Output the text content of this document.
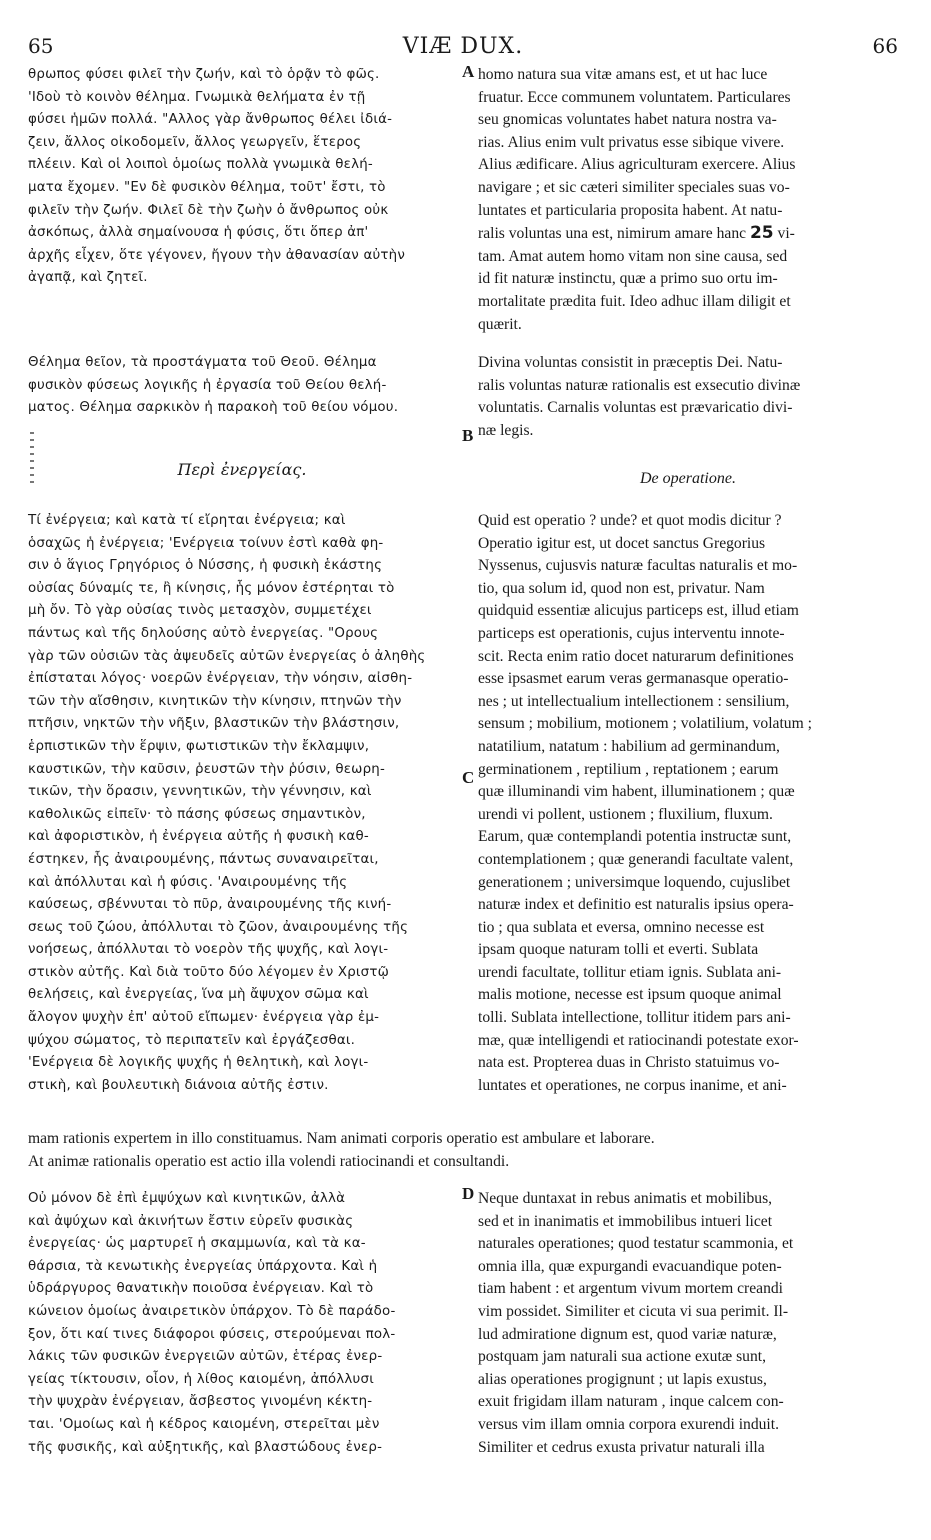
65	VIÆ DUX.	66
A
B
C
D

θρωπος φύσει φιλεῖ τὴν ζωήν, καὶ τὸ ὁρᾷν τὸ φῶς.
'Ιδοὺ τὸ κοινὸν θέλημα. Γνωμικὰ θελήματα ἐν τῇ
φύσει ἡμῶν πολλά. "Αλλος γὰρ ἄνθρωπος θέλει ἰδιά-
ζειν, ἄλλος οἰκοδομεῖν, ἄλλος γεωργεῖν, ἕτερος
πλέειν. Καὶ οἱ λοιποὶ ὁμοίως πολλὰ γνωμικὰ θελή-
ματα ἔχομεν. "Εν δὲ φυσικὸν θέλημα, τοῦτ' ἔστι, τὸ
φιλεῖν τὴν ζωήν. Φιλεῖ δὲ τὴν ζωὴν ὁ ἄνθρωπος οὐκ
ἀσκόπως, ἀλλὰ σημαίνουσα ἡ φύσις, ὅτι ὅπερ ἀπ'
ἀρχῆς εἶχεν, ὅτε γέγονεν, ἤγουν τὴν ἀθανασίαν αὐτὴν
ἀγαπᾷ, καὶ ζητεῖ.

Θέλημα θεῖον, τὰ προστάγματα τοῦ Θεοῦ. Θέλημα
φυσικὸν φύσεως λογικῆς ἡ ἐργασία τοῦ Θείου θελή-
ματος. Θέλημα σαρκικὸν ἡ παρακοὴ τοῦ θείου νόμου.

Περὶ ἐνεργείας.

Τί ἐνέργεια; καὶ κατὰ τί εἴρηται ἐνέργεια; καὶ
ὁσαχῶς ἡ ἐνέργεια; 'Ενέργεια τοίνυν ἐστὶ καθὰ φη-
σιν ὁ ἅγιος Γρηγόριος ὁ Νύσσης, ἡ φυσικὴ ἑκάστης
οὐσίας δύναμίς τε, ἢ κίνησις, ἧς μόνον ἐστέρηται τὸ
μὴ ὄν. Τὸ γὰρ οὐσίας τινὸς μετασχὸν, συμμετέχει
πάντως καὶ τῆς δηλούσης αὐτὸ ἐνεργείας. "Ορους
γὰρ τῶν οὐσιῶν τὰς ἀψευδεῖς αὐτῶν ἐνεργείας ὁ ἀληθὴς
ἐπίσταται λόγος· νοερῶν ἐνέργειαν, τὴν νόησιν, αἰσθη-
τῶν τὴν αἴσθησιν, κινητικῶν τὴν κίνησιν, πτηνῶν τὴν
πτῆσιν, νηκτῶν τὴν νῆξιν, βλαστικῶν τὴν βλάστησιν,
ἑρπιστικῶν τὴν ἕρψιν, φωτιστικῶν τὴν ἔκλαμψιν,
καυστικῶν, τὴν καῦσιν, ῥευστῶν τὴν ῥύσιν, θεωρη-
τικῶν, τὴν ὅρασιν, γεννητικῶν, τὴν γέννησιν, καὶ
καθολικῶς εἰπεῖν· τὸ πάσης φύσεως σημαντικὸν,
καὶ ἀφοριστικὸν, ἡ ἐνέργεια αὐτῆς ἡ φυσικὴ καθ-
έστηκεν, ἧς ἀναιρουμένης, πάντως συναναιρεῖται,
καὶ ἀπόλλυται καὶ ἡ φύσις. 'Αναιρουμένης τῆς
καύσεως, σβέννυται τὸ πῦρ, ἀναιρουμένης τῆς κινή-
σεως τοῦ ζώου, ἀπόλλυται τὸ ζῶον, ἀναιρουμένης τῆς
νοήσεως, ἀπόλλυται τὸ νοερὸν τῆς ψυχῆς, καὶ λογι-
στικὸν αὐτῆς. Καὶ διὰ τοῦτο δύο λέγομεν ἐν Χριστῷ
θελήσεις, καὶ ἐνεργείας, ἵνα μὴ ἄψυχον σῶμα καὶ
ἄλογον ψυχὴν ἐπ' αὐτοῦ εἴπωμεν· ἐνέργεια γὰρ ἐμ-
ψύχου σώματος, τὸ περιπατεῖν καὶ ἐργάζεσθαι.
'Ενέργεια δὲ λογικῆς ψυχῆς ἡ θελητικὴ, καὶ λογι-
στικὴ, καὶ βουλευτικὴ διάνοια αὐτῆς ἐστιν.

Οὐ μόνον δὲ ἐπὶ ἐμψύχων καὶ κινητικῶν, ἀλλὰ
καὶ ἀψύχων καὶ ἀκινήτων ἔστιν εὑρεῖν φυσικὰς
ἐνεργείας· ὡς μαρτυρεῖ ἡ σκαμμωνία, καὶ τὰ κα-
θάρσια, τὰ κενωτικὴς ἐνεργείας ὑπάρχοντα. Καὶ ἡ
ὑδράργυρος θανατικὴν ποιοῦσα ἐνέργειαν. Καὶ τὸ
κώνειον ὁμοίως ἀναιρετικὸν ὑπάρχον. Τὸ δὲ παράδο-
ξον, ὅτι καί τινες διάφοροι φύσεις, στερούμεναι πολ-
λάκις τῶν φυσικῶν ἐνεργειῶν αὐτῶν, ἑτέρας ἐνερ-
γείας τίκτουσιν, οἷον, ἡ λίθος καιομένη, ἀπόλλυσι
τὴν ψυχρὰν ἐνέργειαν, ἄσβεστος γινομένη κέκτη-
ται. 'Ομοίως καὶ ἡ κέδρος καιομένη, στερεῖται μὲν
τῆς φυσικῆς, καὶ αὐξητικῆς, καὶ βλαστώδους ἐνερ-

homo natura sua vitæ amans est, et ut hac luce
fruatur. Ecce communem voluntatem. Particulares
seu gnomicas voluntates habet natura nostra va-
rias. Alius enim vult privatus esse sibique vivere.
Alius ædificare. Alius agriculturam exercere. Alius
navigare ; et sic cæteri similiter speciales suas vo-
luntates et particularia proposita habent. At natu-
ralis voluntas una est, nimirum amare hanc 25 vi-
tam. Amat autem homo vitam non sine causa, sed
id fit naturæ instinctu, quæ a primo suo ortu im-
mortalitate prædita fuit. Ideo adhuc illam diligit et
quærit.

Divina voluntas consistit in præceptis Dei. Natu-
ralis voluntas naturæ rationalis est exsecutio divinæ
voluntatis. Carnalis voluntas est prævaricatio divi-
næ legis.

De operatione.

Quid est operatio ? unde? et quot modis dicitur ?
Operatio igitur est, ut docet sanctus Gregorius
Nyssenus, cujusvis naturæ facultas naturalis et mo-
tio, qua solum id, quod non est, privatur. Nam
quidquid essentiæ alicujus particeps est, illud etiam
particeps est operationis, cujus interventu innote-
scit. Recta enim ratio docet naturarum definitiones
esse ipsasmet earum veras germanasque operatio-
nes ; ut intellectualium intellectionem : sensilium,
sensum ; mobilium, motionem ; volatilium, volatum ;
natatilium, natatum : habilium ad germinandum,
germinationem , reptilium , reptationem ; earum
quæ illuminandi vim habent, illuminationem ; quæ
urendi vi pollent, ustionem ; fluxilium, fluxum.
Earum, quæ contemplandi potentia instructæ sunt,
contemplationem ; quæ generandi facultate valent,
generationem ; universimque loquendo, cujuslibet
naturæ index et definitio est naturalis ipsius opera-
tio ; qua sublata et eversa, omnino necesse est
ipsam quoque naturam tolli et everti. Sublata
urendi facultate, tollitur etiam ignis. Sublata ani-
malis motione, necesse est ipsum quoque animal
tolli. Sublata intellectione, tollitur itidem pars ani-
mæ, quæ intelligendi et ratiocinandi potestate exor-
nata est. Propterea duas in Christo statuimus vo-
luntates et operationes, ne corpus inanime, et ani-

mam rationis expertem in illo constituamus. Nam animati corporis operatio est ambulare et laborare.

At animæ rationalis operatio est actio illa volendi ratiocinandi et consultandi.

Neque duntaxat in rebus animatis et mobilibus,
sed et in inanimatis et immobilibus intueri licet
naturales operationes; quod testatur scammonia, et
omnia illa, quæ expurgandi evacuandique poten-
tiam habent : et argentum vivum mortem creandi
vim possidet. Similiter et cicuta vi sua perimit. Il-
lud admiratione dignum est, quod variæ naturæ,
postquam jam naturali sua actione exutæ sunt,
alias operationes progignunt ; ut lapis exustus,
exuit frigidam illam naturam , inque calcem con-
versus vim illam omnia corpora exurendi induit.
Similiter et cedrus exusta privatur naturali illa
